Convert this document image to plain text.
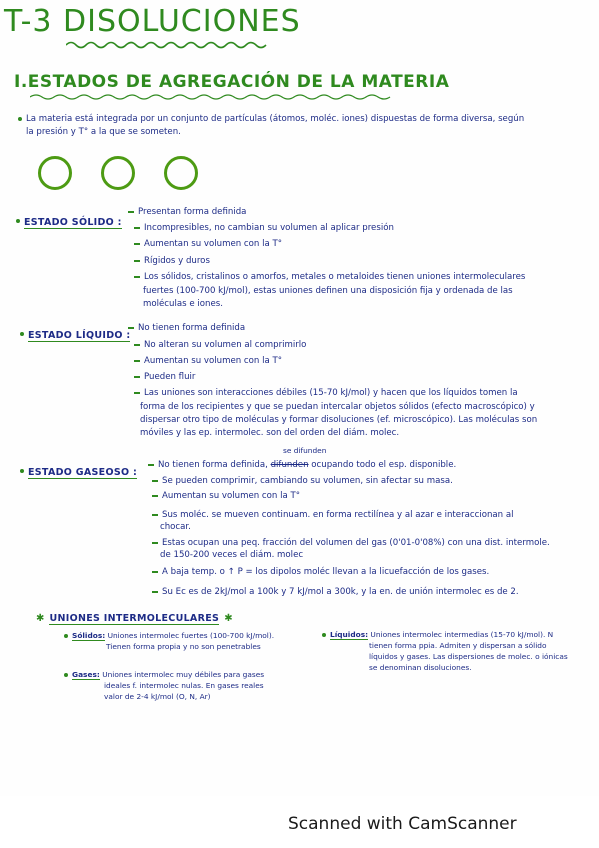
T-3 DISOLUCIONES
I.ESTADOS DE AGREGACIÓN DE LA MATERIA
La materia está integrada por un conjunto de partículas (átomos, moléc. iones) dispuestas de forma diversa, según
la presión y T° a la que se someten.
ESTADO SÓLIDO :
Presentan forma definida
Incompresibles, no cambian su volumen al aplicar presión
Aumentan su volumen con la T°
Rígidos y duros
Los sólidos, cristalinos o amorfos, metales o metaloides tienen uniones intermoleculares
fuertes (100-700 kJ/mol), estas uniones definen una disposición fija y ordenada de las
moléculas e iones.
ESTADO LÍQUIDO :
No tienen forma definida
No alteran su volumen al comprimirlo
Aumentan su volumen con la T°
Pueden fluir
Las uniones son interacciones débiles (15-70 kJ/mol) y hacen que los líquidos tomen la
forma de los recipientes y que se puedan intercalar objetos sólidos (efecto macroscópico) y
dispersar otro tipo de moléculas y formar disoluciones (ef. microscópico). Las moléculas son
móviles y las ep. intermolec. son del orden del diám. molec.
se difunden
ESTADO GASEOSO :
No tienen forma definida, difunden ocupando todo el esp. disponible.
Se pueden comprimir, cambiando su volumen, sin afectar su masa.
Aumentan su volumen con la T°
Sus moléc. se mueven continuam. en forma rectilínea y al azar e interaccionan al
chocar.
Estas ocupan una peq. fracción del volumen del gas (0'01-0'08%) con una dist. intermole.
de 150-200 veces el diám. molec
A baja temp. o ↑ P = los dipolos moléc llevan a la licuefacción de los gases.
Su Ec es de 2kJ/mol a 100k y 7 kJ/mol a 300k, y la en. de unión intermolec es de 2.
✱ UNIONES INTERMOLECULARES ✱
Sólidos: Uniones intermolec fuertes (100-700 kJ/mol).
Tienen forma propia y no son penetrables
Líquidos: Uniones intermolec intermedias (15-70 kJ/mol). N
tienen forma ppia. Admiten y dispersan a sólido
líquidos y gases. Las dispersiones de molec. o iónicas
se denominan disoluciones.
Gases: Uniones intermolec muy débiles para gases
ideales f. intermolec nulas. En gases reales
valor de 2-4 kJ/mol (O, N, Ar)
Scanned with CamScanner
